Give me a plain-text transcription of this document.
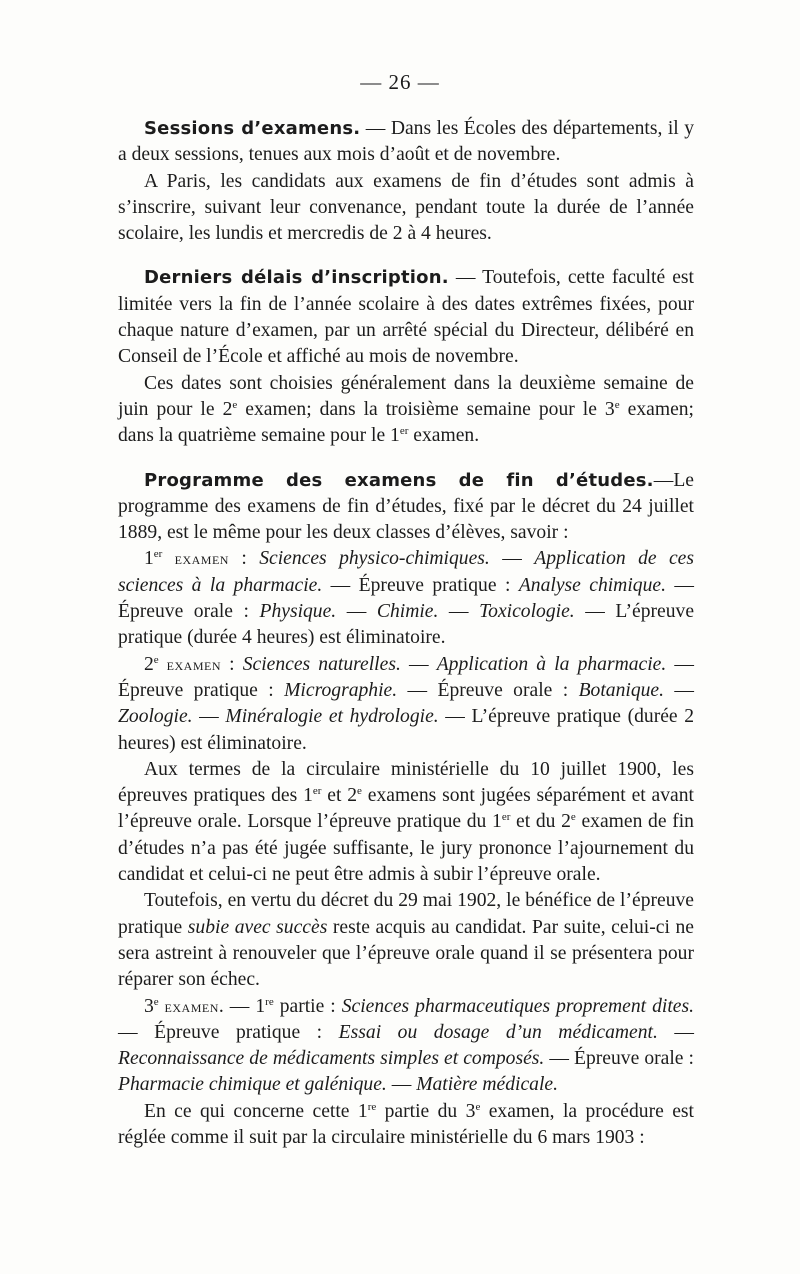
— 26 —

Sessions d’examens. — Dans les Écoles des départements, il y a deux sessions, tenues aux mois d’août et de novembre.

A Paris, les candidats aux examens de fin d’études sont admis à s’inscrire, suivant leur convenance, pendant toute la durée de l’année scolaire, les lundis et mercredis de 2 à 4 heures.

Derniers délais d’inscription. — Toutefois, cette faculté est limitée vers la fin de l’année scolaire à des dates extrêmes fixées, pour chaque nature d’examen, par un arrêté spécial du Directeur, délibéré en Conseil de l’École et affiché au mois de novembre.

Ces dates sont choisies généralement dans la deuxième semaine de juin pour le 2e examen; dans la troisième semaine pour le 3e examen; dans la quatrième semaine pour le 1er examen.

Programme des examens de fin d’études.—Le programme des examens de fin d’études, fixé par le décret du 24 juillet 1889, est le même pour les deux classes d’élèves, savoir :

1er examen : Sciences physico-chimiques. — Application de ces sciences à la pharmacie. — Épreuve pratique : Analyse chimique. — Épreuve orale : Physique. — Chimie. — Toxicologie. — L’épreuve pratique (durée 4 heures) est éliminatoire.

2e examen : Sciences naturelles. — Application à la pharmacie. — Épreuve pratique : Micrographie. — Épreuve orale : Botanique. — Zoologie. — Minéralogie et hydrologie. — L’épreuve pratique (durée 2 heures) est éliminatoire.

Aux termes de la circulaire ministérielle du 10 juillet 1900, les épreuves pratiques des 1er et 2e examens sont jugées séparément et avant l’épreuve orale. Lorsque l’épreuve pratique du 1er et du 2e examen de fin d’études n’a pas été jugée suffisante, le jury prononce l’ajournement du candidat et celui-ci ne peut être admis à subir l’épreuve orale.

Toutefois, en vertu du décret du 29 mai 1902, le bénéfice de l’épreuve pratique subie avec succès reste acquis au candidat. Par suite, celui-ci ne sera astreint à renouveler que l’épreuve orale quand il se présentera pour réparer son échec.

3e examen. — 1re partie : Sciences pharmaceutiques proprement dites. — Épreuve pratique : Essai ou dosage d’un médicament. — Reconnaissance de médicaments simples et composés. — Épreuve orale : Pharmacie chimique et galénique. — Matière médicale.

En ce qui concerne cette 1re partie du 3e examen, la procédure est réglée comme il suit par la circulaire ministérielle du 6 mars 1903 :
